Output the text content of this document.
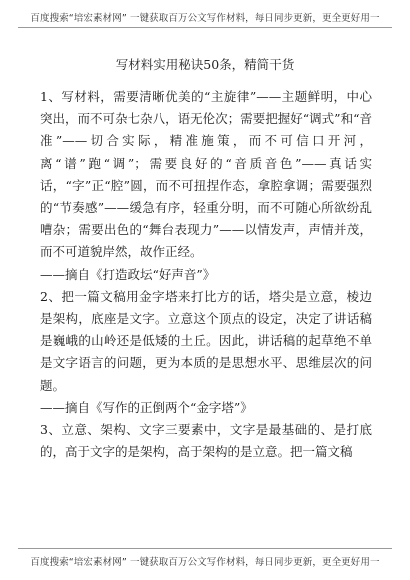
百度搜索“培宏素材网” 一键获取百万公文写作材料，每日同步更新，更全更好用一
写材料实用秘诀50条，精简干货

1、写材料，需要清晰优美的“主旋律”——主题鲜明，中心突出，而不可杂七杂八，语无伦次；需要把握好“调式”和“音准”——切合实际，精准施策，而不可信口开河，离“谱”跑“调”；需要良好的“音质音色”——真话实话，“字”正“腔”圆，而不可扭捏作态，拿腔拿调；需要强烈的“节奏感”——缓急有序，轻重分明，而不可随心所欲纷乱嘈杂；需要出色的“舞台表现力”——以情发声，声情并茂，而不可道貌岸然，故作正经。

——摘自《打造政坛“好声音”》

2、把一篇文稿用金字塔来打比方的话，塔尖是立意，棱边是架构，底座是文字。立意这个顶点的设定，决定了讲话稿是巍峨的山岭还是低矮的土丘。因此，讲话稿的起草绝不单是文字语言的问题，更为本质的是思想水平、思维层次的问题。

——摘自《写作的正倒两个“金字塔”》

3、立意、架构、文字三要素中，文字是最基础的、是打底的，高于文字的是架构，高于架构的是立意。把一篇文稿

百度搜索“培宏素材网” 一键获取百万公文写作材料，每日同步更新，更全更好用一
